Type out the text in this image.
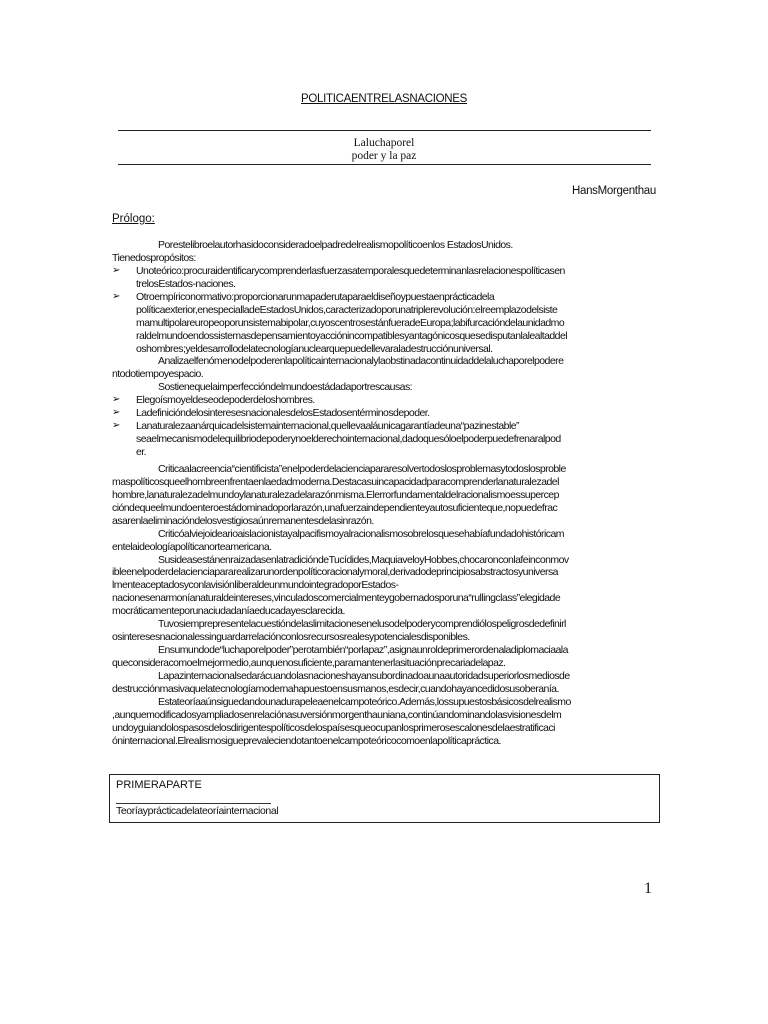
POLITICAENTRELASNACIONES
Laluchaporel
poder y la paz
HansMorgenthau
Prólogo:
Porestelibroelautorhasidoconsideradoelpadredelrealismopolíticoenlos EstadosUnidos.
Tienedospropósitos:
➢ Unoteórico:procuraidentificarycomprenderlasfuerzasatemporalesquedeterminanlasrelacionespolíticasen
trelosEstados-naciones.
➢ Otroempíriconormativo:proporcionarunmapaderutaparaeldiseñoypuestaenprácticadela
políticaexterior,enespecialladeEstadosUnidos,caracterizadoporunatriplerevolución:elreemplazodelsiste
mamultipolareuropeoporunsistemabipolar,cuyoscentrosestánfueradeEuropa;labifurcacióndelaunidadmo
raldelmundoendossistemasdepensamientoyacciónincompatiblesyantagónicosquesedisputanlalealtaddel
oshombres;yeldesarrollodelatecnologíanuclearquepuedellevaraladestrucciónuniversal.
Analizaelfenómenodelpoderenlapolíticainternacionalylaobstinadacontinuidaddelaluchaporelpodere
ntodotiempoyespacio.
Sostienequelaimperfeccióndelmundoestádadaportrescausas:
➢ Elegoísmoyeldeseodepoderdeloshombres.
➢ LadefinicióndelosinteresesnacionalesdelosEstadosentérminosdepoder.
➢ Lanaturalezaanárquicadelsistemainternacional,quellevaaláunicagarantíadeuna“pazinestable”
seaelmecanismodelequilibriodepoderynoelderechointernacional,dadoquesóloelpoderpuedefrenaralpod
er.
Criticaalacreencia“cientificista”enelpoderdelacienciapararesolvertodoslosproblemasytodoslosproble
maspolíticosqueelhombreenfrentaenlaedadmoderna.Destacasuincapacidadparacomprenderlanaturalezadel
hombre,lanaturalezadelmundoylanaturalezadelarazónmisma.Elerrorfundamentaldelracionalismoessupercep
cióndequeelmundoenteroestádominadoporlarazón,unafuerzaindependienteyautosuficienteque,nopuedefrac
asarenlaeliminacióndelosvestigiosaúnremanentesdelasinrazón.
Criticóalviejoidearioaislacionistayalpacifismoyalracionalismosobrelosquesehabíafundadohistóricam
entelaideologíapolíticanorteamericana.
SusideasestánenraizadasenlatradicióndeTucídides,MaquiaveloyHobbes,chocaronconlafeinconmov
ibleenelpoderdelacienciapararealizarunordenpolíticoracionalymoral,derivadodeprincipiosabstractosyuniversa
lmenteaceptadosyconlavisiónliberaldeunmundointegradoporEstados-
nacionesenarmoníanaturaldeintereses,vinculadoscomercialmenteygobernadosporuna“rullingclass”elegidade
mocráticamenteporunaciudadaníaeducadayesclarecida.
Tuvosiemprepresentelacuestióndelaslimitacionesenelusodelpoderycomprendiólospeligrosdedefinirl
osinteresesnacionalessinguardarrelaciónconlosrecursosrealesypotencialesdisponibles.
Ensumundode“luchaporelpoder”perotambién“porlapaz”,asignaunroldeprimerordenaladiplomaciaala
queconsideracomoelmejormedio,aunquenosuficiente,paramantenerlasituaciónprecariadelapaz.
Lapazinternacionalsedarácuandolasnacioneshayansubordinadoaunaautoridadsuperiorlosmediosde
destrucciónmasivaquelatecnologíamodernahapuestoensusmanos,esdecir,cuandohayancedidosusoberanía.
Estateoríaaúnsiguedandounadurapeleaenelcampoteórico.Además,lossupuestosbásicosdelrealismo
,aunquemodificadosyampliadosenrelaciónasuversiónmorgenthauniana,continúandominandolasvisionesdelm
undoyguiandolospasosdelosdirigentespolíticosdelospaísesqueocupanlosprimerosescalonesdelaestratificaci
óninternacional.Elrealismosigueprevaleciendotantoenelcampoteóricocomoenlapolíticapráctica.
PRIMERAPARTE
Teoríayprácticadelateoríainternacional
1
